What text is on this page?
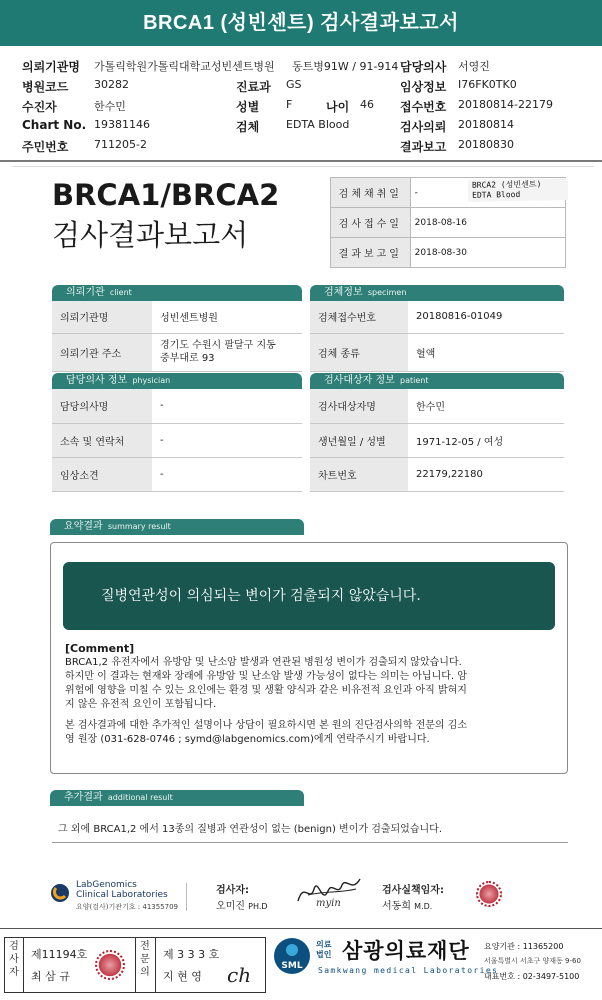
BRCA1 (성빈센트) 검사결과보고서
의뢰기관명 가톨릭학원가톨릭대학교성빈센트병원 동트병91W / 91-914 담당의사 서영진
병원코드 30282	진료과 GS	임상정보 I76FK0TK0
수진자	한수민	성별 F	나이 46 접수번호 20180814-22179
Chart No. 19381146	검체 EDTA Blood	검사의뢰 20180814
주민번호 711205-2	결과보고 20180830
BRCA1/BRCA2
검사결과보고서
검체채취일	-
검사접수일	2018-08-16
결과보고일	2018-08-30
BRCA2 (성빈센트)
EDTA Blood
의뢰기관 client	검체정보 specimen
의뢰기관명	성빈센트병원
의뢰기관 주소	경기도 수원시 팔달구 지동
중부대로 93
검체접수번호	20180816-01049
검체 종류	혈액
담당의사 정보 physician	검사대상자 정보 patient
담당의사명	-
소속 및 연락처	-
임상소견	-
검사대상자명	한수민
생년월일 / 성별	1971-12-05 / 여성
차트번호	22179,22180
요약결과 summary result
질병연관성이 의심되는 변이가 검출되지 않았습니다.
[Comment]

BRCA1,2 유전자에서 유방암 및 난소암 발생과 연관된 병원성 변이가 검출되지 않았습니다.

하지만 이 결과는 현재와 장래에 유방암 및 난소암 발생 가능성이 없다는 의미는 아닙니다. 암

위험에 영향을 미칠 수 있는 요인에는 환경 및 생활 양식과 같은 비유전적 요인과 아직 밝혀지

지 않은 유전적 요인이 포함됩니다.

본 검사결과에 대한 추가적인 설명이나 상담이 필요하시면 본 원의 진단검사의학 전문의 김소

영 원장 (031-628-0746 ; symd@labgenomics.com)에게 연락주시기 바랍니다.

추가결과 additional result
그 외에 BRCA1,2 에서 13종의 질병과 연관성이 없는 (benign) 변이가 검출되었습니다.
LabGenomics
Clinical Laboratories
요양(검사)기관기호 : 41355709
검사자:
오미진 PH.D	myin
검사실책임자:
서동희 M.D.
검사자
제11194호
최 삼 규
전문의
제 3 3 3 호
지 현 영 ch	SML
의료
법인 삼광의료재단
Samkwang medical Laboratories
요양기관 : 11365200
서울특별시 서초구 양재동 9-60
대표번호 : 02-3497-5100
